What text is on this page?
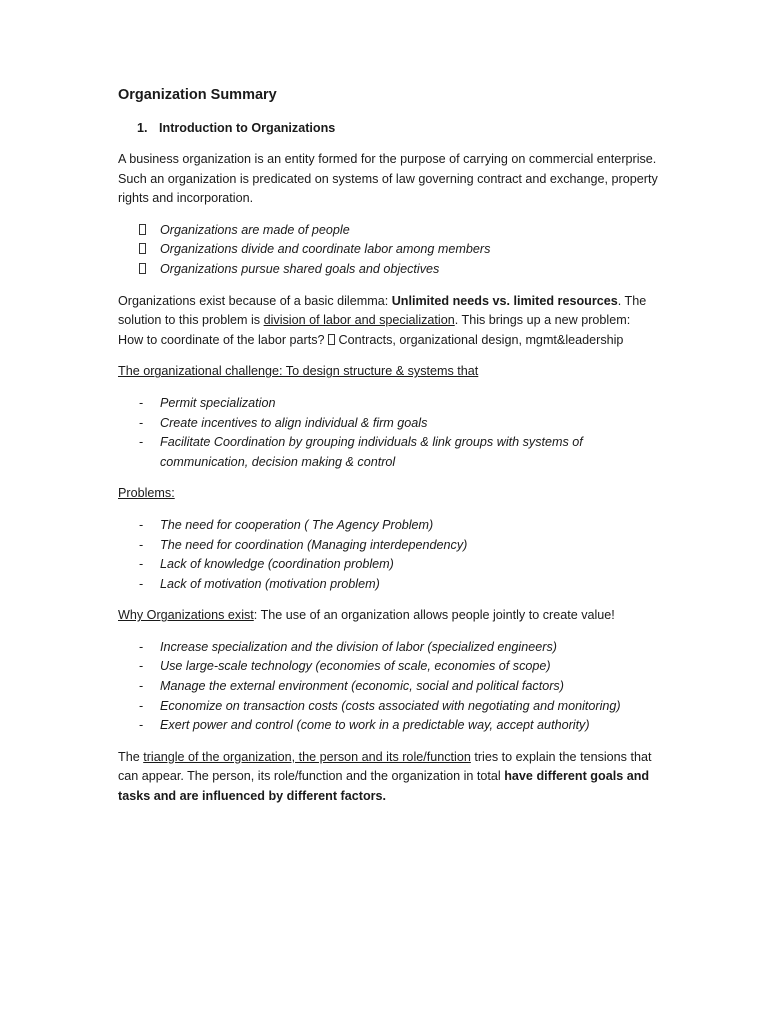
Organization Summary
1. Introduction to Organizations

A business organization is an entity formed for the purpose of carrying on commercial enterprise. Such an organization is predicated on systems of law governing contract and exchange, property rights and incorporation.

Organizations are made of people
Organizations divide and coordinate labor among members
Organizations pursue shared goals and objectives

Organizations exist because of a basic dilemma: Unlimited needs vs. limited resources. The solution to this problem is division of labor and specialization. This brings up a new problem: How to coordinate of the labor parts?  Contracts, organizational design, mgmt&leadership

The organizational challenge: To design structure & systems that

- Permit specialization
- Create incentives to align individual & firm goals
- Facilitate Coordination by grouping individuals & link groups with systems of communication, decision making & control

Problems:

- The need for cooperation ( The Agency Problem)
- The need for coordination (Managing interdependency)
- Lack of knowledge (coordination problem)
- Lack of motivation (motivation problem)

Why Organizations exist: The use of an organization allows people jointly to create value!

- Increase specialization and the division of labor (specialized engineers)
- Use large-scale technology (economies of scale, economies of scope)
- Manage the external environment (economic, social and political factors)
- Economize on transaction costs (costs associated with negotiating and monitoring)
- Exert power and control (come to work in a predictable way, accept authority)

The triangle of the organization, the person and its role/function tries to explain the tensions that can appear. The person, its role/function and the organization in total have different goals and tasks and are influenced by different factors.
